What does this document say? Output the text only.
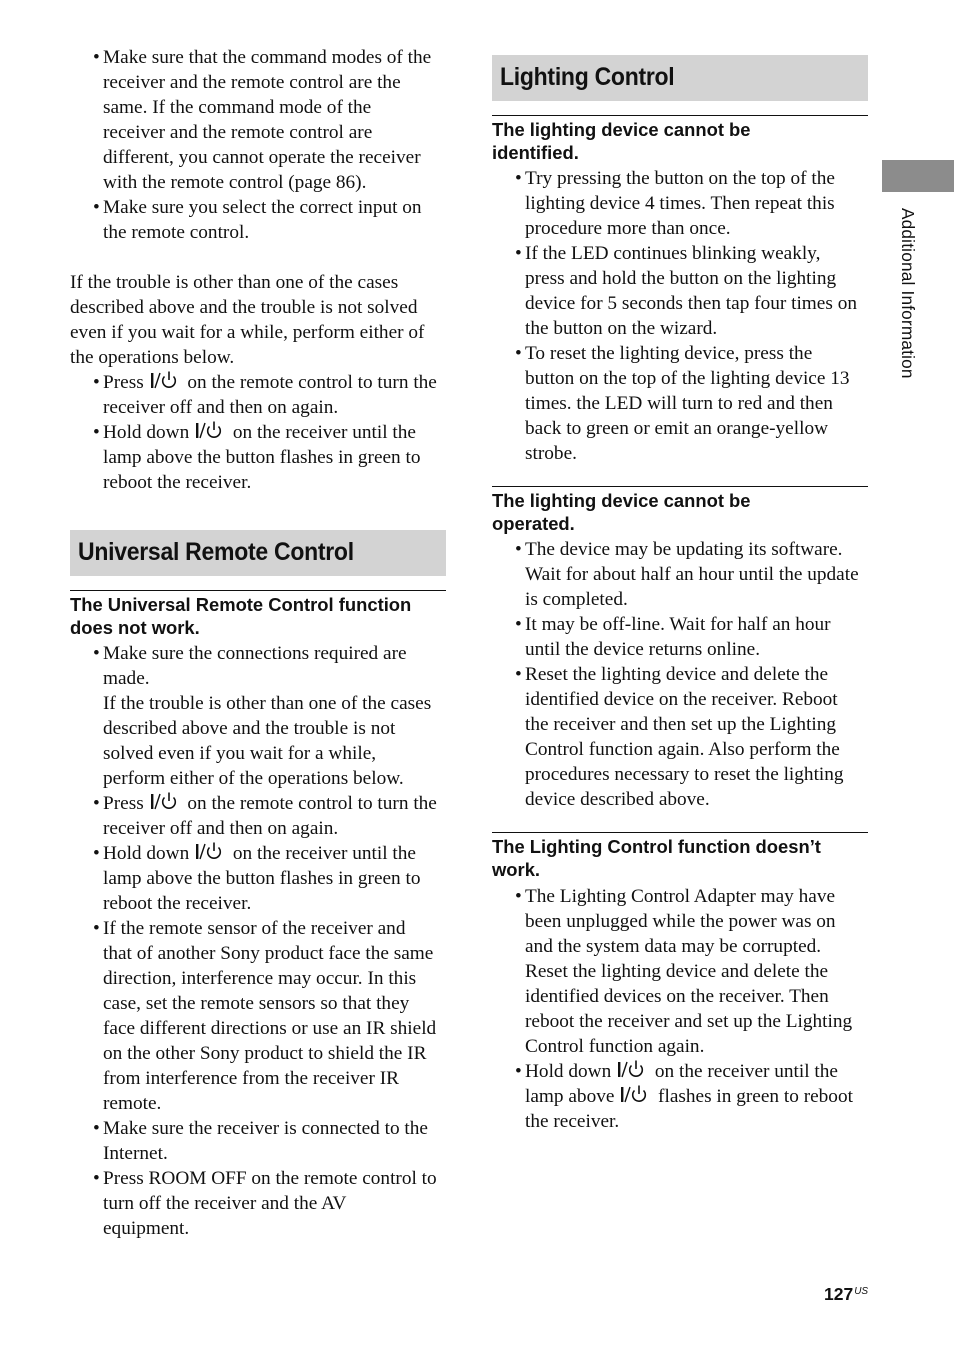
Additional Information
• Make sure that the command modes of the
receiver and the remote control are the
same. If the command mode of the
receiver and the remote control are
different, you cannot operate the receiver
with the remote control (page 86).
• Make sure you select the correct input on
the remote control.
If the trouble is other than one of the cases
described above and the trouble is not solved
even if you wait for a while, perform either of
the operations below.
• Press
on the remote control to turn the
receiver off and then on again.
• Hold down
on the receiver until the
lamp above the button flashes in green to
reboot the receiver.
Universal Remote Control
The Universal Remote Control function
does not work.
• Make sure the connections required are
made.
If the trouble is other than one of the cases
described above and the trouble is not
solved even if you wait for a while,
perform either of the operations below.
• Press
on the remote control to turn the
receiver off and then on again.
• Hold down
on the receiver until the
lamp above the button flashes in green to
reboot the receiver.
• If the remote sensor of the receiver and
that of another Sony product face the same
direction, interference may occur. In this
case, set the remote sensors so that they
face different directions or use an IR shield
on the other Sony product to shield the IR
from interference from the receiver IR
remote.
• Make sure the receiver is connected to the
Internet.
• Press ROOM OFF on the remote control to
turn off the receiver and the AV
equipment.
Lighting Control
The lighting device cannot be
identified.
• Try pressing the button on the top of the
lighting device 4 times. Then repeat this
procedure more than once.
• If the LED continues blinking weakly,
press and hold the button on the lighting
device for 5 seconds then tap four times on
the button on the wizard.
• To reset the lighting device, press the
button on the top of the lighting device 13
times. the LED will turn to red and then
back to green or emit an orange-yellow
strobe.
The lighting device cannot be
operated.
• The device may be updating its software.
Wait for about half an hour until the update
is completed.
• It may be off-line. Wait for half an hour
until the device returns online.
• Reset the lighting device and delete the
identified device on the receiver. Reboot
the receiver and then set up the Lighting
Control function again. Also perform the
procedures necessary to reset the lighting
device described above.
The Lighting Control function doesn’t
work.
• The Lighting Control Adapter may have
been unplugged while the power was on
and the system data may be corrupted.
Reset the lighting device and delete the
identified devices on the receiver. Then
reboot the receiver and set up the Lighting
Control function again.
• Hold down
on the receiver until the
lamp above
flashes in green to reboot
the receiver.
$127^{US}$
